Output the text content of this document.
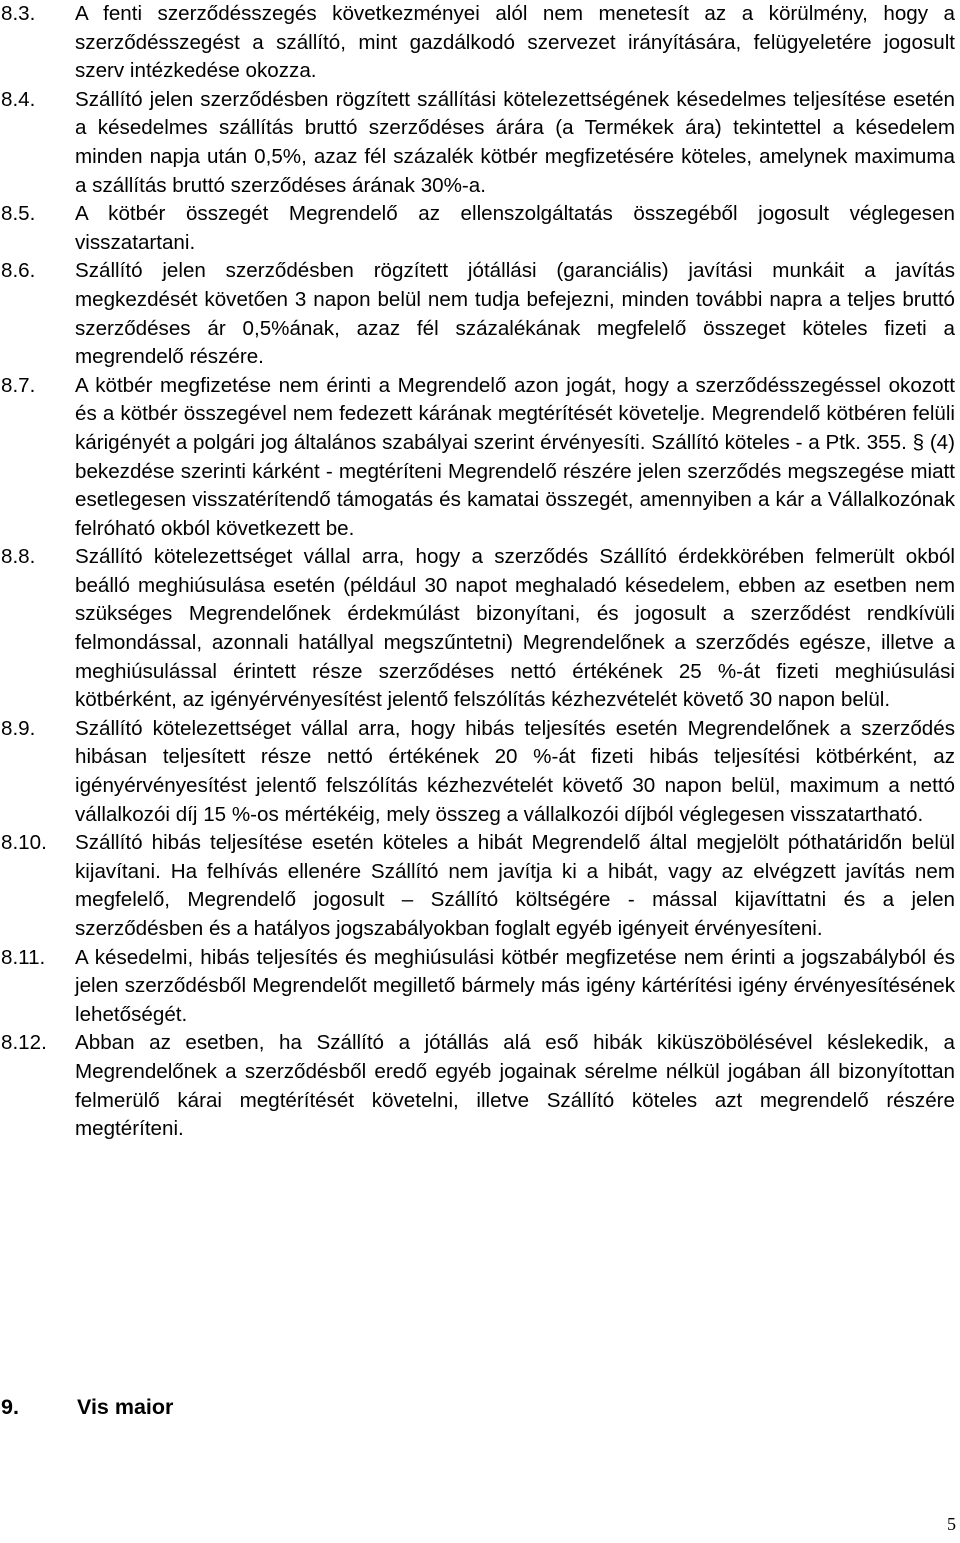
8.3. A fenti szerződésszegés következményei alól nem menetesít az a körülmény, hogy a szerződésszegést a szállító, mint gazdálkodó szervezet irányítására, felügyeletére jogosult szerv intézkedése okozza.
8.4. Szállító jelen szerződésben rögzített szállítási kötelezettségének késedelmes teljesítése esetén a késedelmes szállítás bruttó szerződéses árára (a Termékek ára) tekintettel a késedelem minden napja után 0,5%, azaz fél százalék kötbér megfizetésére köteles, amelynek maximuma a szállítás bruttó szerződéses árának 30%-a.
8.5. A kötbér összegét Megrendelő az ellenszolgáltatás összegéből jogosult véglegesen visszatartani.
8.6. Szállító jelen szerződésben rögzített jótállási (garanciális) javítási munkáit a javítás megkezdését követően 3 napon belül nem tudja befejezni, minden további napra a teljes bruttó szerződéses ár 0,5%ának, azaz fél százalékának megfelelő összeget köteles fizeti a megrendelő részére.
8.7. A kötbér megfizetése nem érinti a Megrendelő azon jogát, hogy a szerződésszegéssel okozott és a kötbér összegével nem fedezett kárának megtérítését követelje. Megrendelő kötbéren felüli kárigényét a polgári jog általános szabályai szerint érvényesíti. Szállító köteles - a Ptk. 355. § (4) bekezdése szerinti kárként - megtéríteni Megrendelő részére jelen szerződés megszegése miatt esetlegesen visszatérítendő támogatás és kamatai összegét, amennyiben a kár a Vállalkozónak felróható okból következett be.
8.8. Szállító kötelezettséget vállal arra, hogy a szerződés Szállító érdekkörében felmerült okból beálló meghiúsulása esetén (például 30 napot meghaladó késedelem, ebben az esetben nem szükséges Megrendelőnek érdekmúlást bizonyítani, és jogosult a szerződést rendkívüli felmondással, azonnali hatállyal megszűntetni) Megrendelőnek a szerződés egésze, illetve a meghiúsulással érintett része szerződéses nettó értékének 25 %-át fizeti meghiúsulási kötbérként, az igényérvényesítést jelentő felszólítás kézhezvételét követő 30 napon belül.
8.9. Szállító kötelezettséget vállal arra, hogy hibás teljesítés esetén Megrendelőnek a szerződés hibásan teljesített része nettó értékének 20 %-át fizeti hibás teljesítési kötbérként, az igényérvényesítést jelentő felszólítás kézhezvételét követő 30 napon belül, maximum a nettó vállalkozói díj 15 %-os mértékéig, mely összeg a vállalkozói díjból véglegesen visszatartható.
8.10. Szállító hibás teljesítése esetén köteles a hibát Megrendelő által megjelölt póthatáridőn belül kijavítani. Ha felhívás ellenére Szállító nem javítja ki a hibát, vagy az elvégzett javítás nem megfelelő, Megrendelő jogosult – Szállító költségére - mással kijavíttatni és a jelen szerződésben és a hatályos jogszabályokban foglalt egyéb igényeit érvényesíteni.
8.11. A késedelmi, hibás teljesítés és meghiúsulási kötbér megfizetése nem érinti a jogszabályból és jelen szerződésből Megrendelőt megillető bármely más igény kártérítési igény érvényesítésének lehetőségét.
8.12. Abban az esetben, ha Szállító a jótállás alá eső hibák kiküszöbölésével késlekedik, a Megrendelőnek a szerződésből eredő egyéb jogainak sérelme nélkül jogában áll bizonyítottan felmerülő kárai megtérítését követelni, illetve Szállító köteles azt megrendelő részére megtéríteni.
9.	Vis maior
5
